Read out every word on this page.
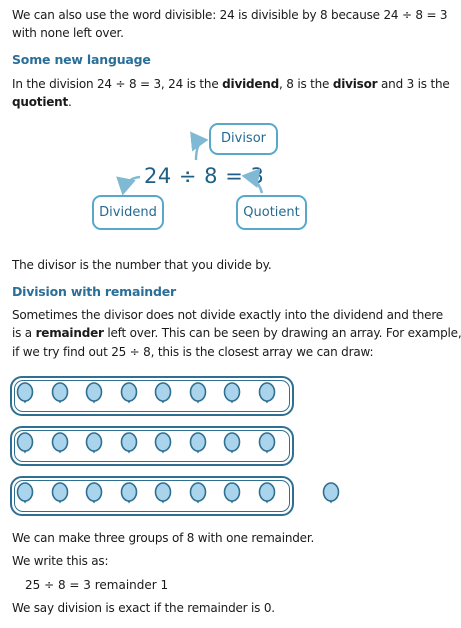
We can also use the word divisible: 24 is divisible by 8 because 24 ÷ 8 = 3
with none left over.
Some new language
In the division 24 ÷ 8 = 3, 24 is the dividend, 8 is the divisor and 3 is the
quotient.
Divisor
Dividend	Quotient
24 ÷ 8 = 3
The divisor is the number that you divide by.
Division with remainder
Sometimes the divisor does not divide exactly into the dividend and there
is a remainder left over. This can be seen by drawing an array. For example,
if we try find out 25 ÷ 8, this is the closest array we can draw:
We can make three groups of 8 with one remainder.
We write this as:
25 ÷ 8 = 3 remainder 1
We say division is exact if the remainder is 0.
